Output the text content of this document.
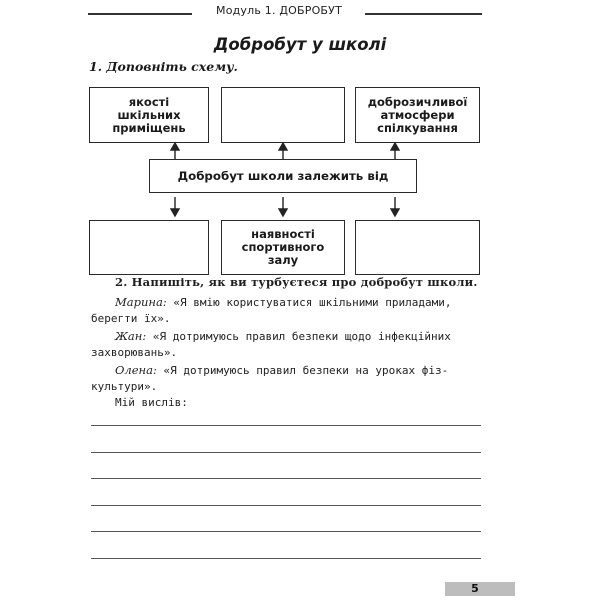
Модуль 1. ДОБРОБУТ
Добробут у школі
1. Доповніть схему.
якості
шкільних
приміщень
доброзичливої
атмосфери
спілкування
Добробут школи залежить від
наявності
спортивного
залу
2. Напишіть, як ви турбуєтеся про добробут школи.

Марина: «Я вмію користуватися шкільними приладами,

берегти їх».

Жан: «Я дотримуюсь правил безпеки щодо інфекційних

захворювань».

Олена: «Я дотримуюсь правил безпеки на уроках фіз-

культури».

Мій вислів:

5
